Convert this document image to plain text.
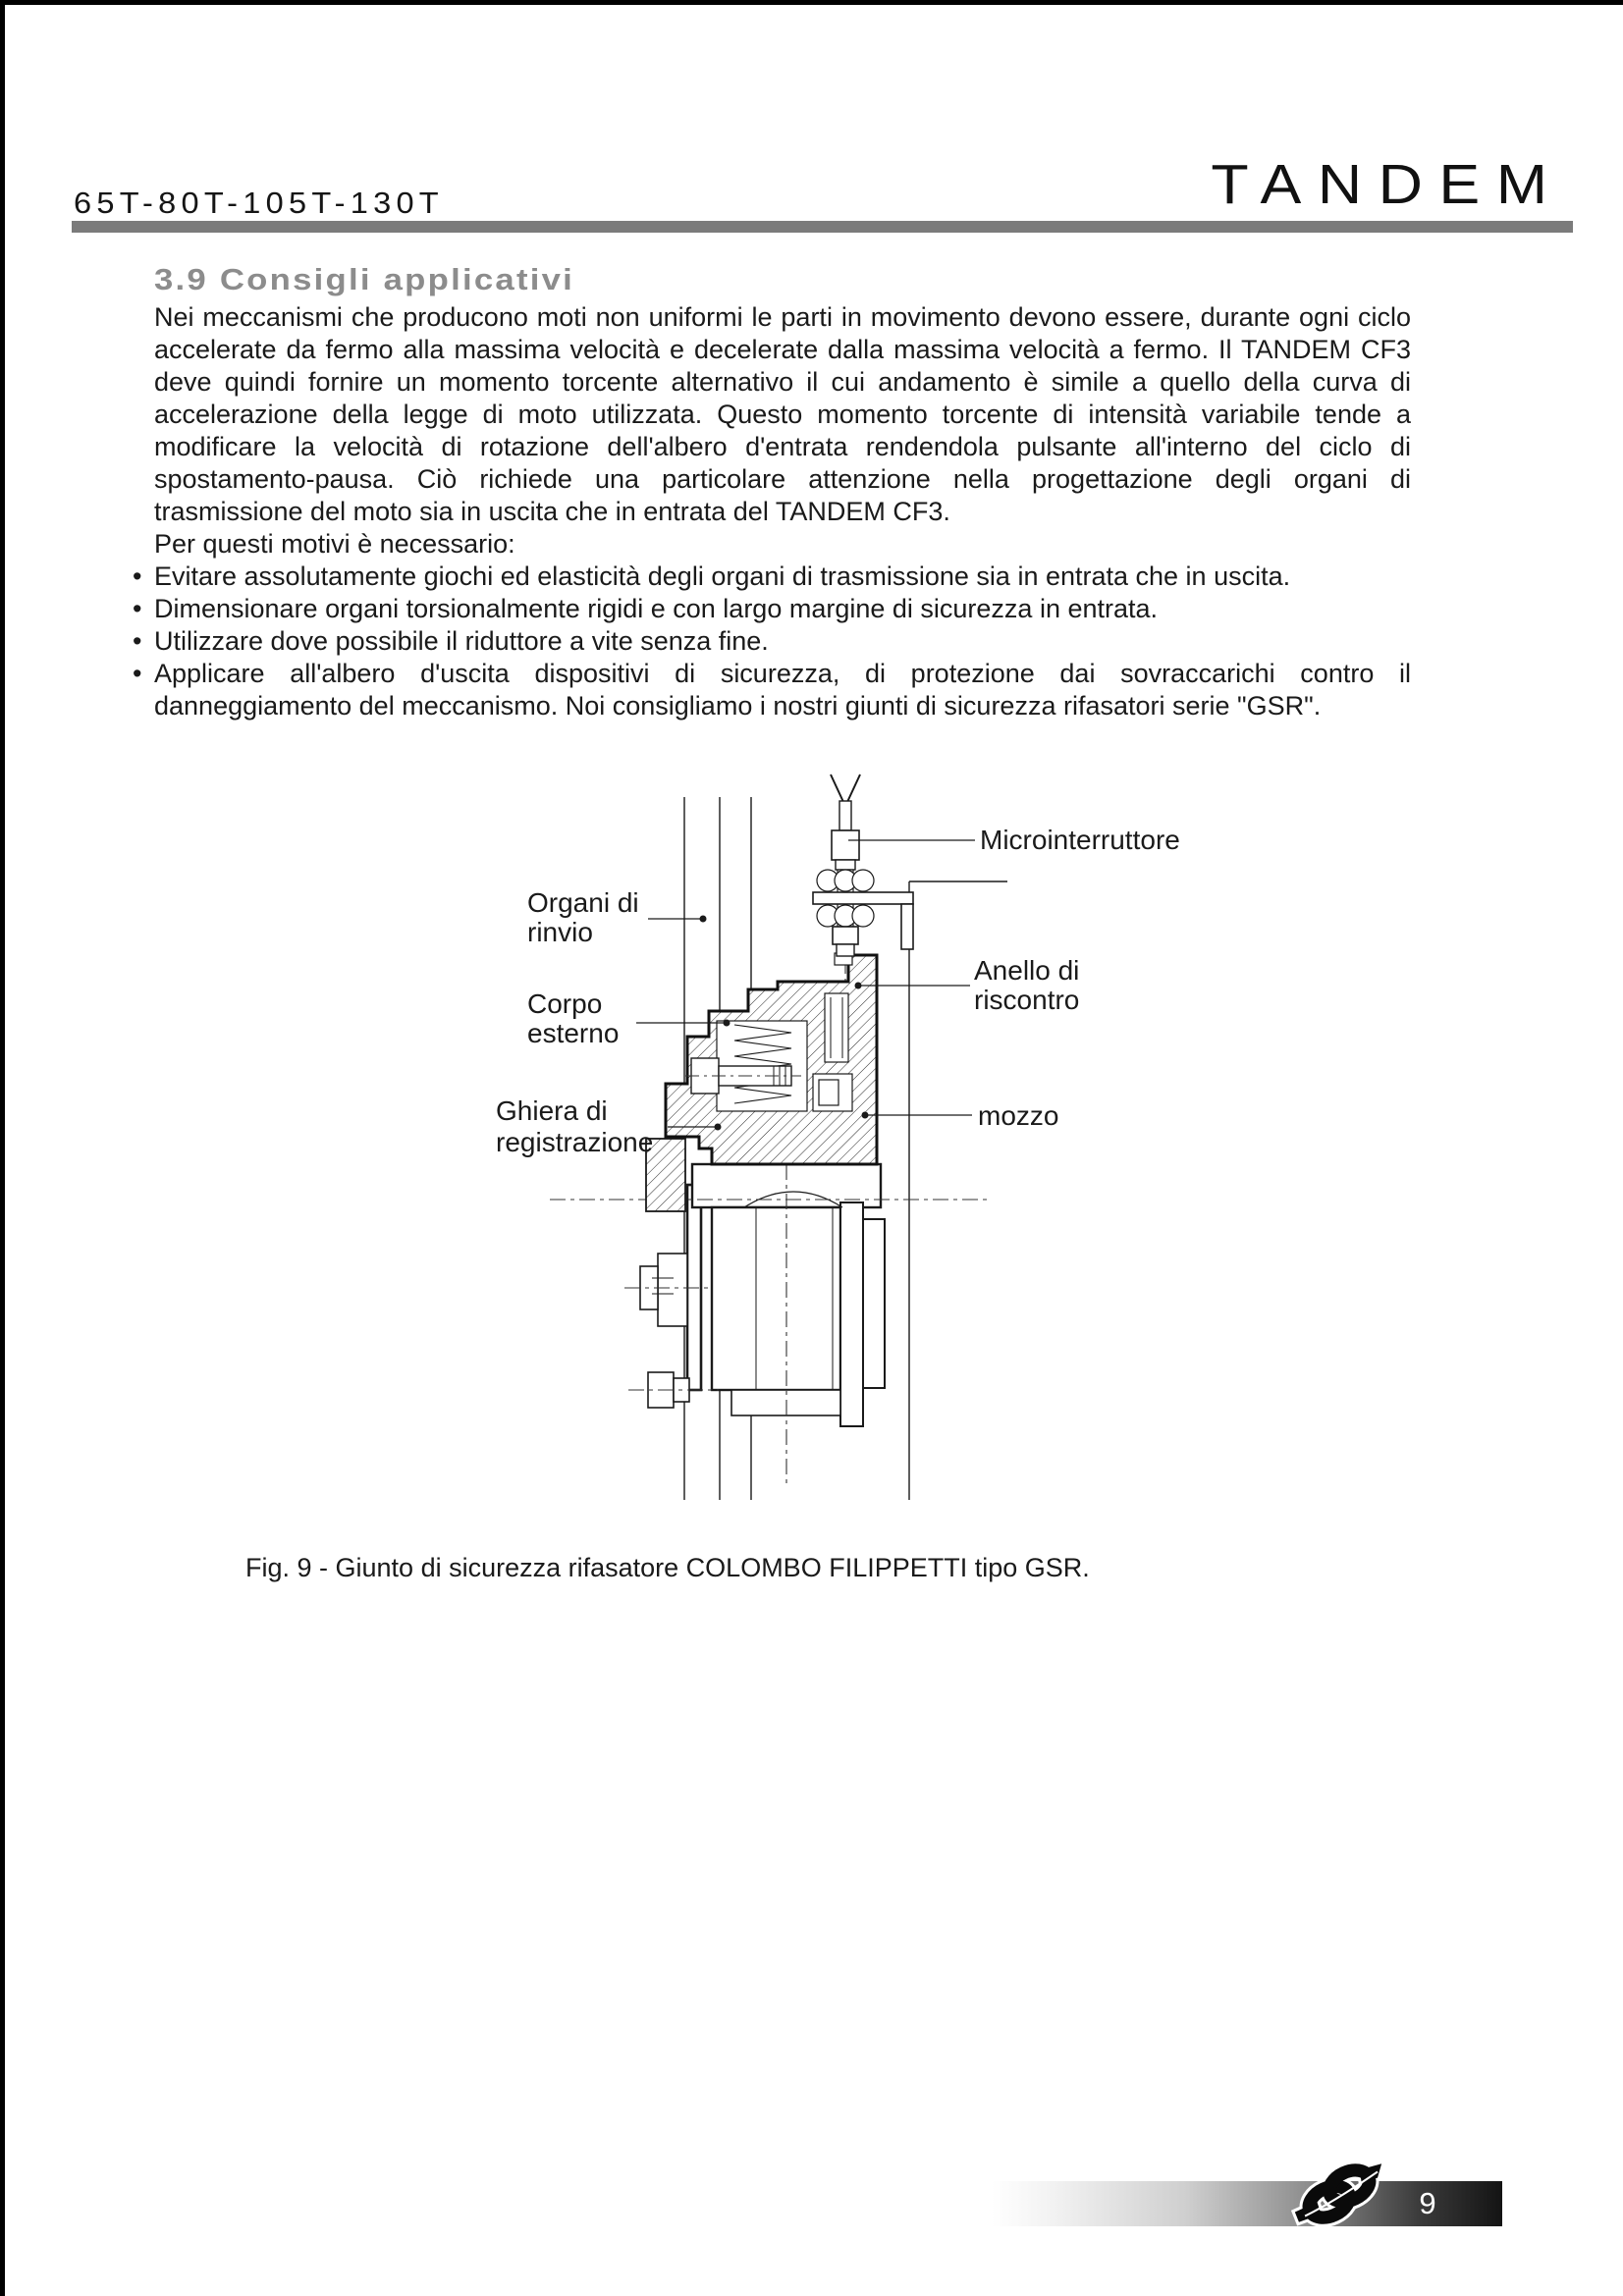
65T-80T-105T-130T	TANDEM
3.9 Consigli applicativi

Nei meccanismi che producono moti non uniformi le parti in movimento devono essere, durante ogni ciclo accelerate da fermo alla massima velocità e decelerate dalla massima velocità a fermo. Il TANDEM CF3 deve quindi fornire un momento torcente alternativo il cui andamento è simile a quello della curva di accelerazione della legge di moto utilizzata. Questo momento torcente di intensità variabile tende a modificare la velocità di rotazione dell'albero d'entrata rendendola pulsante all'interno del ciclo di spostamento-pausa. Ciò richiede una particolare attenzione nella progettazione degli organi di trasmissione del moto sia in uscita che in entrata del TANDEM CF3.

Per questi motivi è necessario:

• Evitare assolutamente giochi ed elasticità degli organi di trasmissione sia in entrata che in uscita.
• Dimensionare organi torsionalmente rigidi e con largo margine di sicurezza in entrata.
• Utilizzare dove possibile il riduttore a vite senza fine.
• Applicare all'albero d'uscita dispositivi di sicurezza, di protezione dai sovraccarichi contro il danneggiamento del meccanismo. Noi consigliamo i nostri giunti di sicurezza rifasatori serie "GSR".
Microinterruttore
Organi di
rinvio
Anello di
riscontro
Corpo
esterno
Ghiera di
registrazione
mozzo
Fig. 9 - Giunto di sicurezza rifasatore COLOMBO FILIPPETTI tipo GSR.
9
